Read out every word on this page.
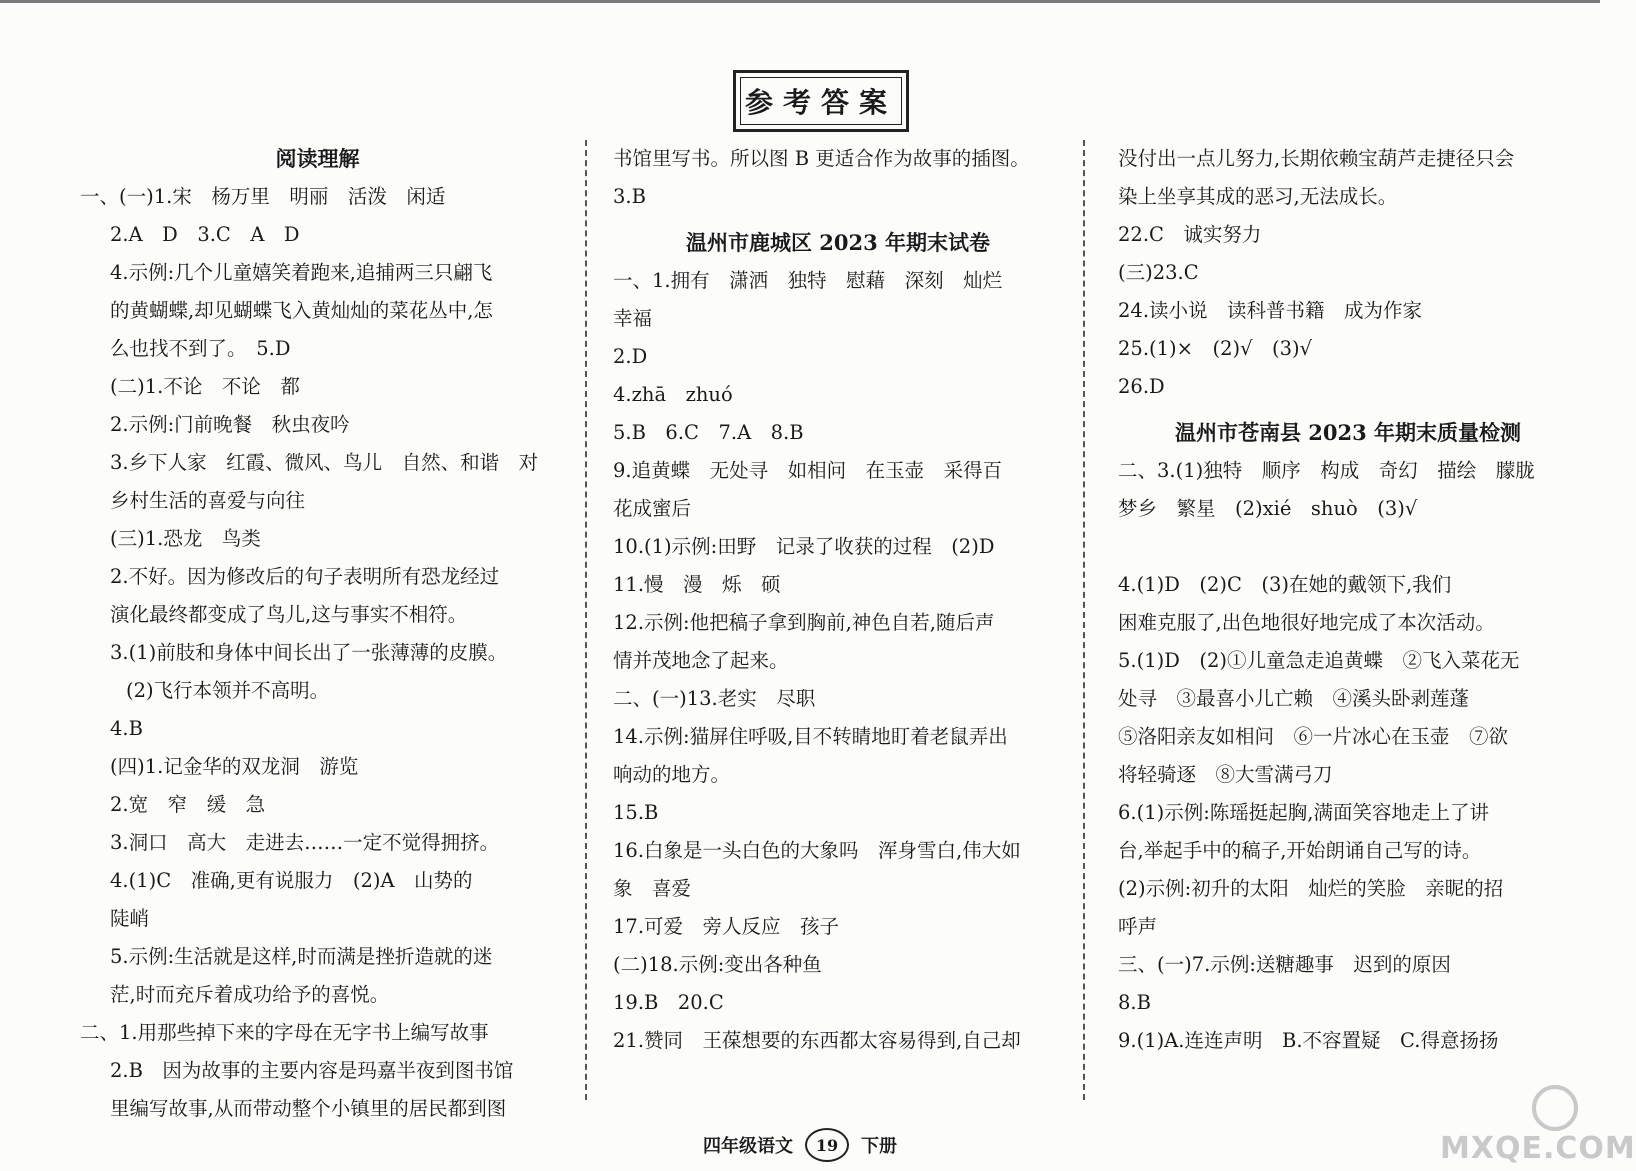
参考答案
阅读理解
一、(一)1.宋　杨万里　明丽　活泼　闲适
2.A　D　3.C　A　D
4.示例:几个儿童嬉笑着跑来,追捕两三只翩飞
的黄蝴蝶,却见蝴蝶飞入黄灿灿的菜花丛中,怎
么也找不到了。　5.D
(二)1.不论　不论　都
2.示例:门前晚餐　秋虫夜吟
3.乡下人家　红霞、微风、鸟儿　自然、和谐　对
乡村生活的喜爱与向往
(三)1.恐龙　鸟类
2.不好。因为修改后的句子表明所有恐龙经过
演化最终都变成了鸟儿,这与事实不相符。
3.(1)前肢和身体中间长出了一张薄薄的皮膜。
(2)飞行本领并不高明。
4.B
(四)1.记金华的双龙洞　游览
2.宽　窄　缓　急
3.洞口　高大　走进去……一定不觉得拥挤。
4.(1)C　准确,更有说服力　(2)A　山势的
陡峭
5.示例:生活就是这样,时而满是挫折造就的迷
茫,时而充斥着成功给予的喜悦。
二、1.用那些掉下来的字母在无字书上编写故事
2.B　因为故事的主要内容是玛嘉半夜到图书馆
里编写故事,从而带动整个小镇里的居民都到图
书馆里写书。所以图 B 更适合作为故事的插图。
3.B
温州市鹿城区 2023 年期末试卷
一、1.拥有　潇洒　独特　慰藉　深刻　灿烂
幸福
2.D
4.zhā　zhuó
5.B　6.C　7.A　8.B
9.追黄蝶　无处寻　如相问　在玉壶　采得百
花成蜜后
10.(1)示例:田野　记录了收获的过程　(2)D
11.慢　漫　烁　硕
12.示例:他把稿子拿到胸前,神色自若,随后声
情并茂地念了起来。
二、(一)13.老实　尽职
14.示例:猫屏住呼吸,目不转睛地盯着老鼠弄出
响动的地方。
15.B
16.白象是一头白色的大象吗　浑身雪白,伟大如
象　喜爱
17.可爱　旁人反应　孩子
(二)18.示例:变出各种鱼
19.B　20.C
21.赞同　王葆想要的东西都太容易得到,自己却
没付出一点儿努力,长期依赖宝葫芦走捷径只会
染上坐享其成的恶习,无法成长。
22.C　诚实努力
(三)23.C
24.读小说　读科普书籍　成为作家
25.(1)×　(2)√　(3)√
26.D
温州市苍南县 2023 年期末质量检测
二、3.(1)独特　顺序　构成　奇幻　描绘　朦胧
梦乡　繁星　(2)xié　shuò　(3)√
4.(1)D　(2)C　(3)在她的戴领下,我们
困难克服了,出色地很好地完成了本次活动。
5.(1)D　(2)①儿童急走追黄蝶　②飞入菜花无
处寻　③最喜小儿亡赖　④溪头卧剥莲蓬
⑤洛阳亲友如相问　⑥一片冰心在玉壶　⑦欲
将轻骑逐　⑧大雪满弓刀
6.(1)示例:陈瑶挺起胸,满面笑容地走上了讲
台,举起手中的稿子,开始朗诵自己写的诗。
(2)示例:初升的太阳　灿烂的笑脸　亲昵的招
呼声
三、(一)7.示例:送糖趣事　迟到的原因
8.B
9.(1)A.连连声明　B.不容置疑　C.得意扬扬
四年级语文	19	下册	MXQE.COM
